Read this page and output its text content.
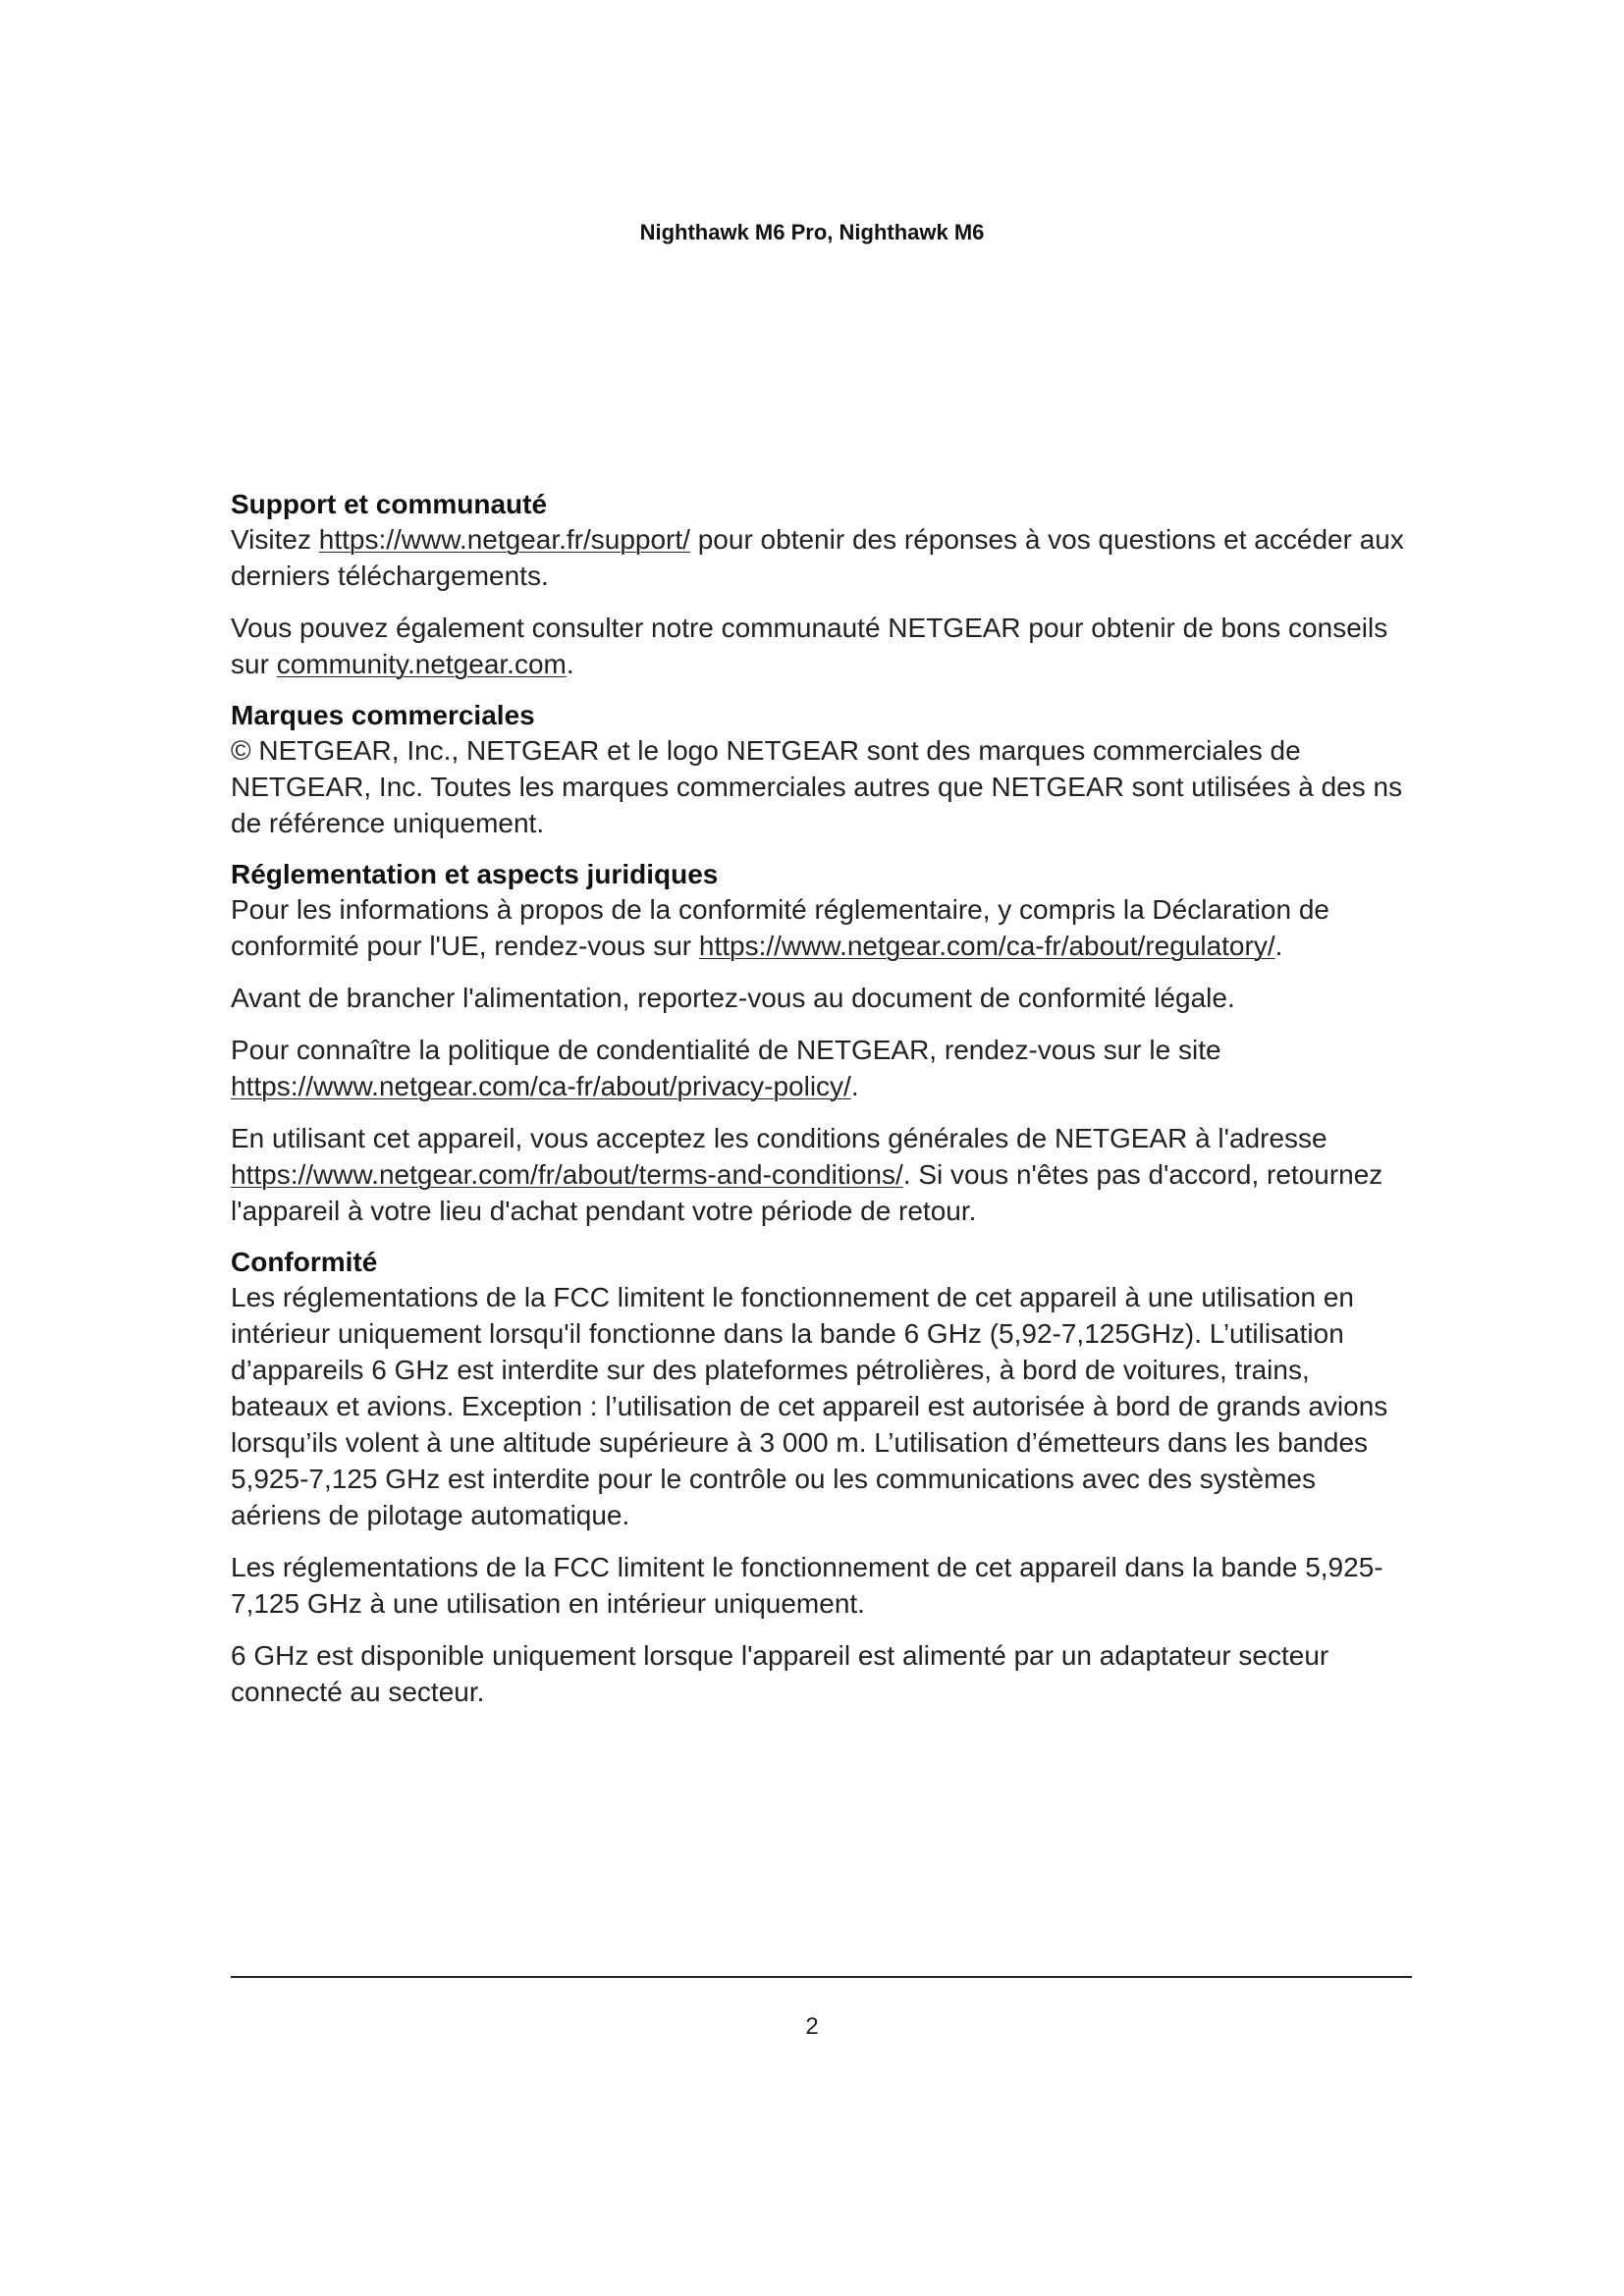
Nighthawk M6 Pro, Nighthawk M6
Support et communauté

Visitez https://www.netgear.fr/support/ pour obtenir des réponses à vos questions et accéder aux derniers téléchargements.

Vous pouvez également consulter notre communauté NETGEAR pour obtenir de bons conseils sur community.netgear.com.

Marques commerciales

© NETGEAR, Inc., NETGEAR et le logo NETGEAR sont des marques commerciales de NETGEAR, Inc. Toutes les marques commerciales autres que NETGEAR sont utilisées à des ns de référence uniquement.

Réglementation et aspects juridiques

Pour les informations à propos de la conformité réglementaire, y compris la Déclaration de conformité pour l'UE, rendez-vous sur https://www.netgear.com/ca-fr/about/regulatory/.

Avant de brancher l'alimentation, reportez-vous au document de conformité légale.

Pour connaître la politique de condentialité de NETGEAR, rendez-vous sur le site https://www.netgear.com/ca-fr/about/privacy-policy/.

En utilisant cet appareil, vous acceptez les conditions générales de NETGEAR à l'adresse https://www.netgear.com/fr/about/terms-and-conditions/. Si vous n'êtes pas d'accord, retournez l'appareil à votre lieu d'achat pendant votre période de retour.

Conformité

Les réglementations de la FCC limitent le fonctionnement de cet appareil à une utilisation en intérieur uniquement lorsqu'il fonctionne dans la bande 6 GHz (5,92-7,125GHz). L’utilisation d’appareils 6 GHz est interdite sur des plateformes pétrolières, à bord de voitures, trains, bateaux et avions. Exception : l’utilisation de cet appareil est autorisée à bord de grands avions lorsqu’ils volent à une altitude supérieure à 3 000 m. L’utilisation d’émetteurs dans les bandes 5,925-7,125 GHz est interdite pour le contrôle ou les communications avec des systèmes aériens de pilotage automatique.

Les réglementations de la FCC limitent le fonctionnement de cet appareil dans la bande 5,925-7,125 GHz à une utilisation en intérieur uniquement.

6 GHz est disponible uniquement lorsque l'appareil est alimenté par un adaptateur secteur connecté au secteur.

2
